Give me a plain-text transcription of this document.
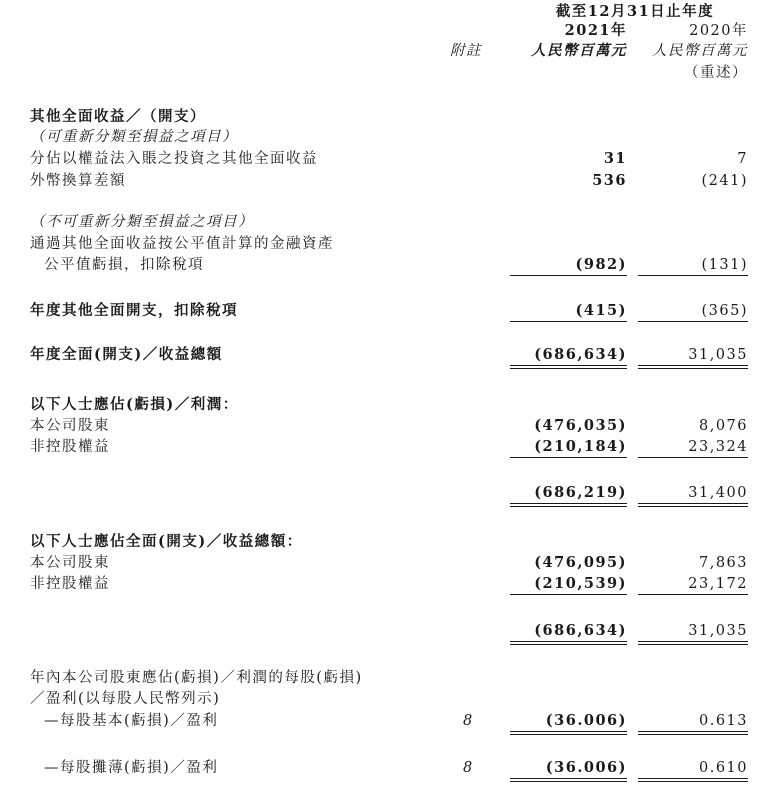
截至12月31日止年度
2021年	2020年
附註	人民幣百萬元	人民幣百萬元
（重述）
其他全面收益／（開支）
（可重新分類至損益之項目）
分佔以權益法入賬之投資之其他全面收益	31	7
外幣換算差額	536	(241)
（不可重新分類至損益之項目）
通過其他全面收益按公平值計算的金融資產
公平值虧損，扣除稅項	(982)	(131)
年度其他全面開支，扣除稅項	(415)	(365)
年度全面(開支)／收益總額	(686,634)	31,035
以下人士應佔(虧損)／利潤：
本公司股東	(476,035)	8,076
非控股權益	(210,184)	23,324
(686,219)	31,400
以下人士應佔全面(開支)／收益總額：
本公司股東	(476,095)	7,863
非控股權益	(210,539)	23,172
(686,634)	31,035
年內本公司股東應佔(虧損)／利潤的每股(虧損)
／盈利(以每股人民幣列示)
—每股基本(虧損)／盈利	8	(36.006)	0.613
—每股攤薄(虧損)／盈利	8	(36.006)	0.610
